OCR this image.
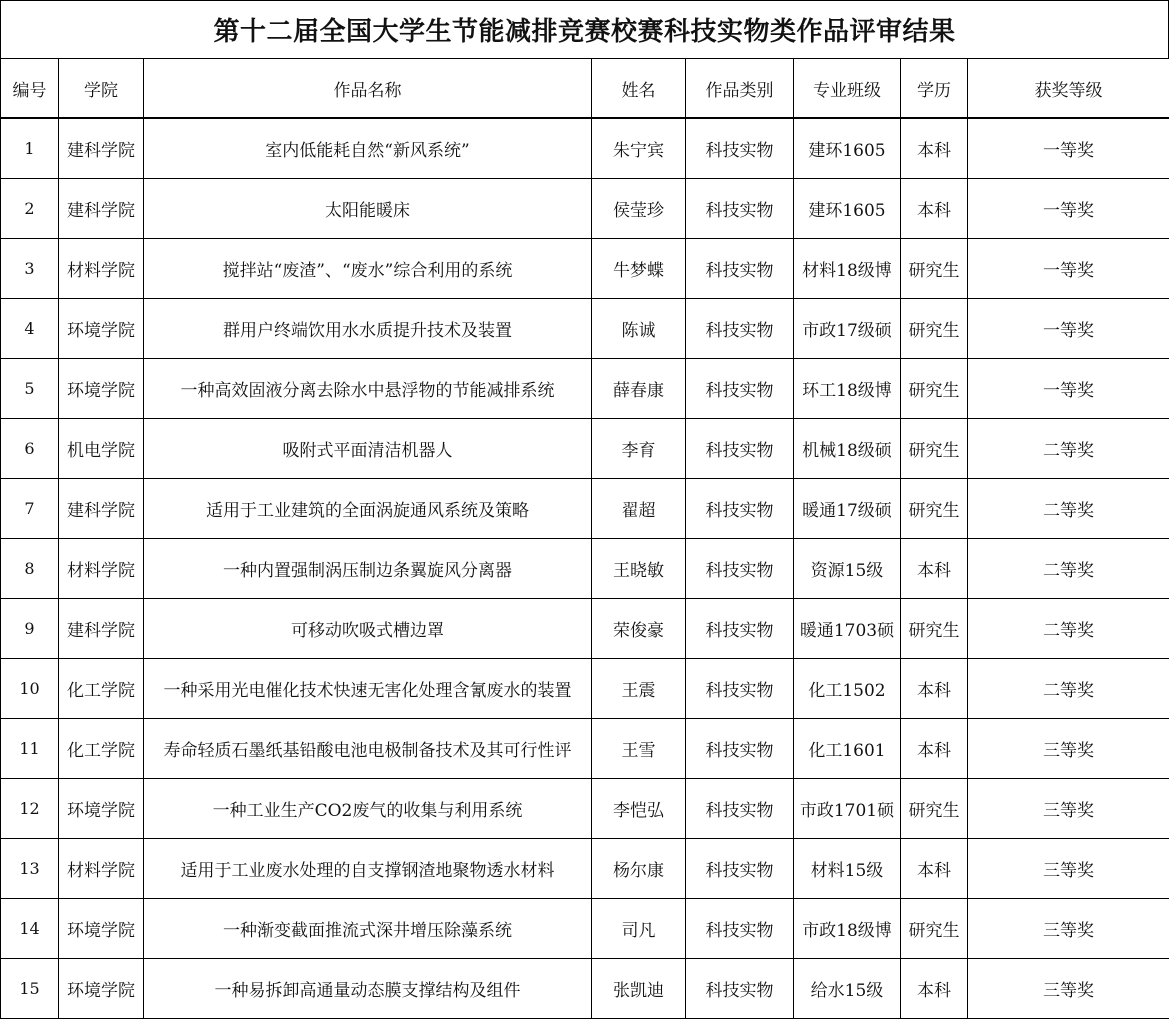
第十二届全国大学生节能减排竞赛校赛科技实物类作品评审结果
编号	学院	作品名称	姓名	作品类别	专业班级	学历	获奖等级
1	建科学院	室内低能耗自然“新风系统”	朱宁宾	科技实物	建环1605	本科	一等奖
2	建科学院	太阳能暖床	侯莹珍	科技实物	建环1605	本科	一等奖
3	材料学院	搅拌站“废渣”、“废水”综合利用的系统	牛梦蝶	科技实物	材料18级博	研究生	一等奖
4	环境学院	群用户终端饮用水水质提升技术及装置	陈诚	科技实物	市政17级硕	研究生	一等奖
5	环境学院	一种高效固液分离去除水中悬浮物的节能减排系统	薛春康	科技实物	环工18级博	研究生	一等奖
6	机电学院	吸附式平面清洁机器人	李育	科技实物	机械18级硕	研究生	二等奖
7	建科学院	适用于工业建筑的全面涡旋通风系统及策略	翟超	科技实物	暖通17级硕	研究生	二等奖
8	材料学院	一种内置强制涡压制边条翼旋风分离器	王晓敏	科技实物	资源15级	本科	二等奖
9	建科学院	可移动吹吸式槽边罩	荣俊豪	科技实物	暖通1703硕	研究生	二等奖
10	化工学院	一种采用光电催化技术快速无害化处理含氰废水的装置	王震	科技实物	化工1502	本科	二等奖
11	化工学院	寿命轻质石墨纸基铅酸电池电极制备技术及其可行性评	王雪	科技实物	化工1601	本科	三等奖
12	环境学院	一种工业生产CO2废气的收集与利用系统	李恺弘	科技实物	市政1701硕	研究生	三等奖
13	材料学院	适用于工业废水处理的自支撑钢渣地聚物透水材料	杨尔康	科技实物	材料15级	本科	三等奖
14	环境学院	一种渐变截面推流式深井增压除藻系统	司凡	科技实物	市政18级博	研究生	三等奖
15	环境学院	一种易拆卸高通量动态膜支撑结构及组件	张凯迪	科技实物	给水15级	本科	三等奖
